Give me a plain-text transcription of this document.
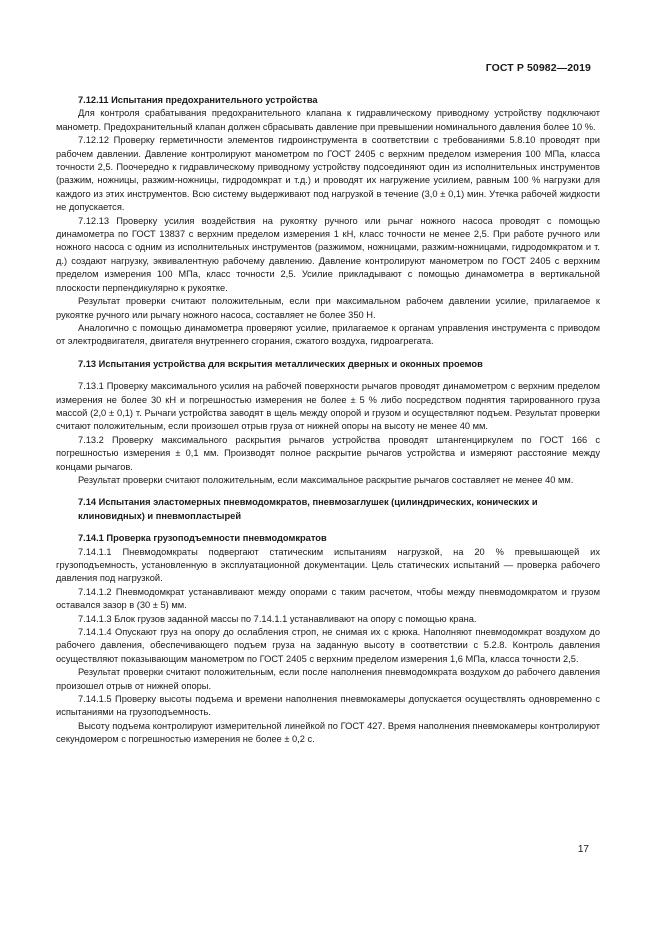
ГОСТ Р 50982—2019
7.12.11 Испытания предохранительного устройства

Для контроля срабатывания предохранительного клапана к гидравлическому приводному устройству подключают манометр. Предохранительный клапан должен сбрасывать давление при превышении номинального давления более 10 %.

7.12.12 Проверку герметичности элементов гидроинструмента в соответствии с требованиями 5.8.10 проводят при рабочем давлении. Давление контролируют манометром по ГОСТ 2405 с верхним пределом измерения 100 МПа, класса точности 2,5. Поочередно к гидравлическому приводному устройству подсоединяют один из исполнительных инструментов (разжим, ножницы, разжим-ножницы, гидродомкрат и т.д.) и проводят их нагружение усилием, равным 100 % нагрузки для каждого из этих инструментов. Всю систему выдерживают под нагрузкой в течение (3,0 ± 0,1) мин. Утечка рабочей жидкости не допускается.

7.12.13 Проверку усилия воздействия на рукоятку ручного или рычаг ножного насоса проводят с помощью динамометра по ГОСТ 13837 с верхним пределом измерения 1 кН, класс точности не менее 2,5. При работе ручного или ножного насоса с одним из исполнительных инструментов (разжимом, ножницами, разжим-ножницами, гидродомкратом и т. д.) создают нагрузку, эквивалентную рабочему давлению. Давление контролируют манометром по ГОСТ 2405 с верхним пределом измерения 100 МПа, класс точности 2,5. Усилие прикладывают с помощью динамометра в вертикальной плоскости перпендикулярно к рукоятке.

Результат проверки считают положительным, если при максимальном рабочем давлении усилие, прилагаемое к рукоятке ручного или рычагу ножного насоса, составляет не более 350 Н.

Аналогично с помощью динамометра проверяют усилие, прилагаемое к органам управления инструмента с приводом от электродвигателя, двигателя внутреннего сгорания, сжатого воздуха, гидроагрегата.

7.13 Испытания устройства для вскрытия металлических дверных и оконных проемов

7.13.1 Проверку максимального усилия на рабочей поверхности рычагов проводят динамометром с верхним пределом измерения не более 30 кН и погрешностью измерения не более ± 5 % либо посредством поднятия тарированного груза массой (2,0 ± 0,1) т. Рычаги устройства заводят в щель между опорой и грузом и осуществляют подъем. Результат проверки считают положительным, если произошел отрыв груза от нижней опоры на высоту не менее 40 мм.

7.13.2 Проверку максимального раскрытия рычагов устройства проводят штангенциркулем по ГОСТ 166 с погрешностью измерения ± 0,1 мм. Производят полное раскрытие рычагов устройства и измеряют расстояние между концами рычагов.

Результат проверки считают положительным, если максимальное раскрытие рычагов составляет не менее 40 мм.

7.14 Испытания эластомерных пневмодомкратов, пневмозаглушек (цилиндрических, конических и клиновидных) и пневмопластырей
7.14.1 Проверка грузоподъемности пневмодомкратов

7.14.1.1 Пневмодомкраты подвергают статическим испытаниям нагрузкой, на 20 % превышающей их грузоподъемность, установленную в эксплуатационной документации. Цель статических испытаний — проверка рабочего давления под нагрузкой.

7.14.1.2 Пневмодомкрат устанавливают между опорами с таким расчетом, чтобы между пневмодомкратом и грузом оставался зазор в (30 ± 5) мм.

7.14.1.3 Блок грузов заданной массы по 7.14.1.1 устанавливают на опору с помощью крана.

7.14.1.4 Опускают груз на опору до ослабления строп, не снимая их с крюка. Наполняют пневмодомкрат воздухом до рабочего давления, обеспечивающего подъем груза на заданную высоту в соответствии с 5.2.8. Контроль давления осуществляют показывающим манометром по ГОСТ 2405 с верхним пределом измерения 1,6 МПа, класса точности 2,5.

Результат проверки считают положительным, если после наполнения пневмодомкрата воздухом до рабочего давления произошел отрыв от нижней опоры.

7.14.1.5 Проверку высоты подъема и времени наполнения пневмокамеры допускается осуществлять одновременно с испытаниями на грузоподъемность.

Высоту подъема контролируют измерительной линейкой по ГОСТ 427. Время наполнения пневмокамеры контролируют секундомером с погрешностью измерения не более ± 0,2 с.

17
